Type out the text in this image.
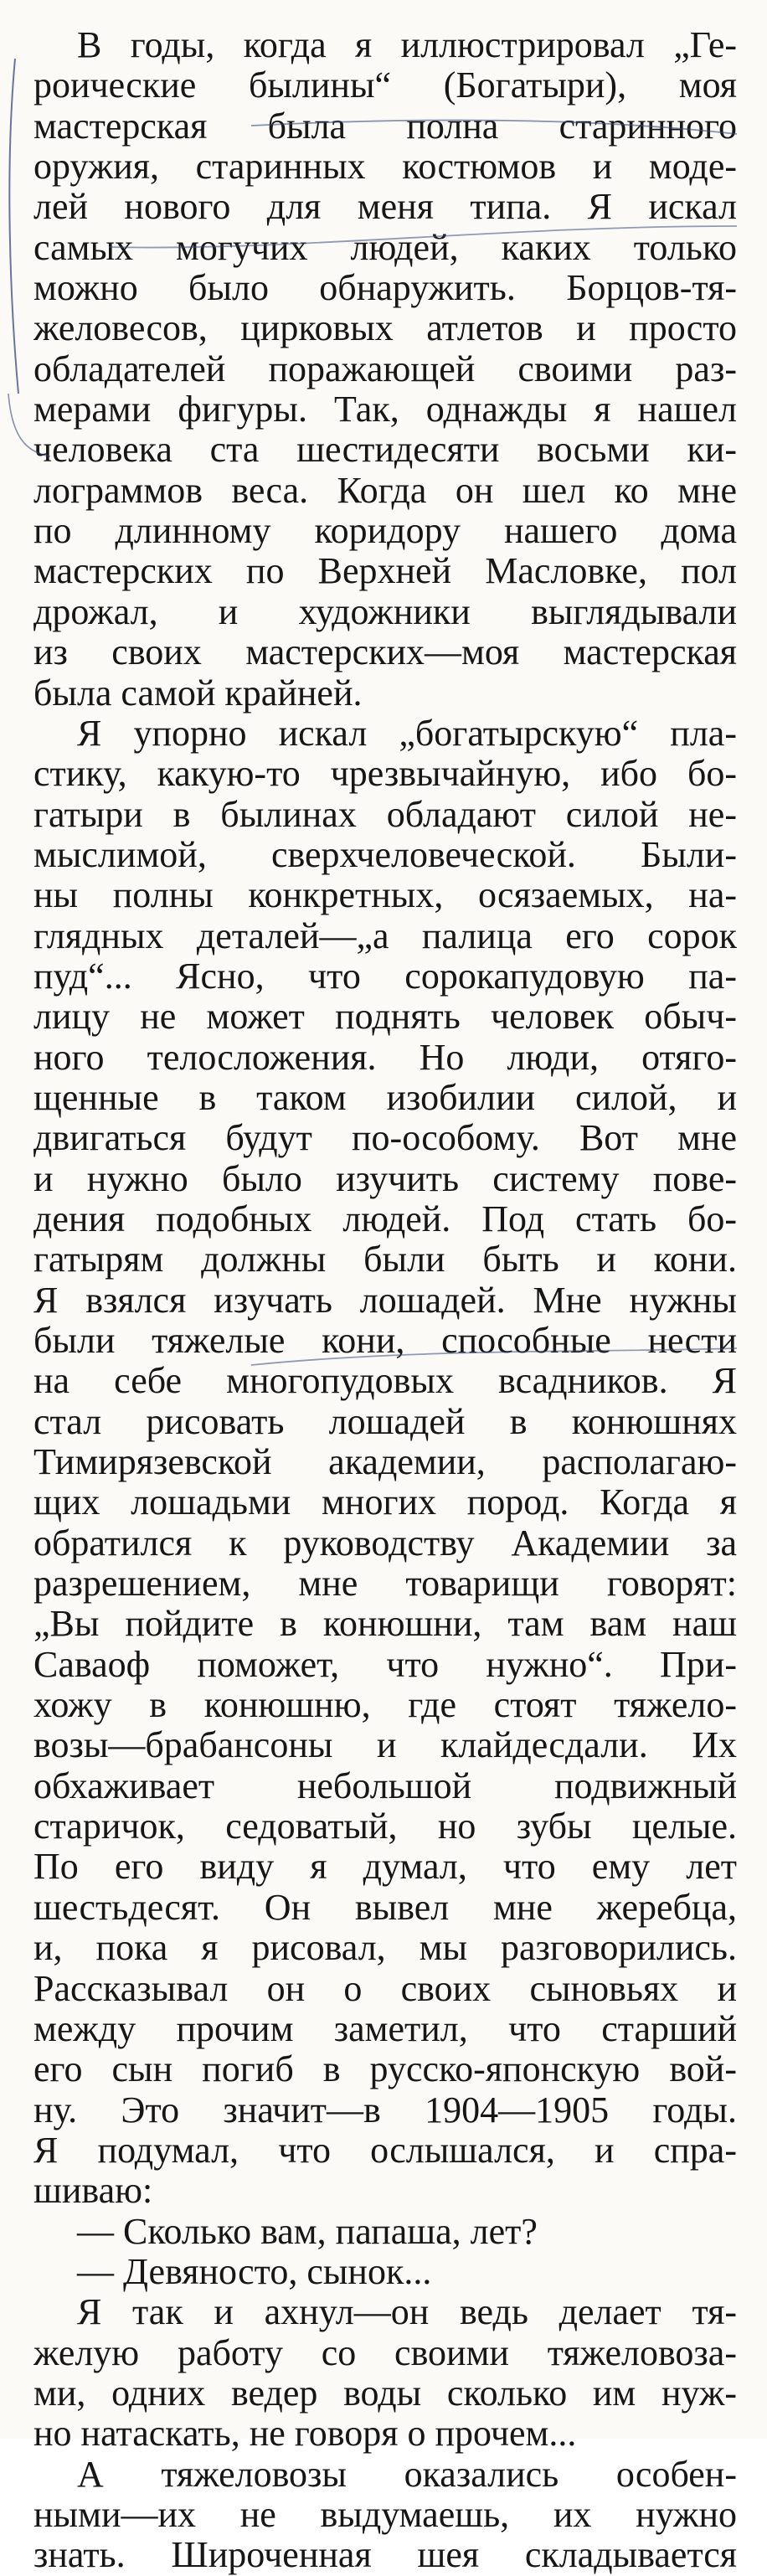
В годы, когда я иллюстрировал „Ге-
роические былины“ (Богатыри), моя
мастерская была полна старинного
оружия, старинных костюмов и моде-
лей нового для меня типа. Я искал
самых могучих людей, каких только
можно было обнаружить. Борцов-тя-
желовесов, цирковых атлетов и просто
обладателей поражающей своими раз-
мерами фигуры. Так, однажды я нашел
человека ста шестидесяти восьми ки-
лограммов веса. Когда он шел ко мне
по длинному коридору нашего дома
мастерских по Верхней Масловке, пол
дрожал, и художники выглядывали
из своих мастерских—моя мастерская
была самой крайней.
Я упорно искал „богатырскую“ пла-
стику, какую-то чрезвычайную, ибо бо-
гатыри в былинах обладают силой не-
мыслимой, сверхчеловеческой. Были-
ны полны конкретных, осязаемых, на-
глядных деталей—„а палица его сорок
пуд“... Ясно, что сорокапудовую па-
лицу не может поднять человек обыч-
ного телосложения. Но люди, отяго-
щенные в таком изобилии силой, и
двигаться будут по-особому. Вот мне
и нужно было изучить систему пове-
дения подобных людей. Под стать бо-
гатырям должны были быть и кони.
Я взялся изучать лошадей. Мне нужны
были тяжелые кони, способные нести
на себе многопудовых всадников. Я
стал рисовать лошадей в конюшнях
Тимирязевской академии, располагаю-
щих лошадьми многих пород. Когда я
обратился к руководству Академии за
разрешением, мне товарищи говорят:
„Вы пойдите в конюшни, там вам наш
Саваоф поможет, что нужно“. При-
хожу в конюшню, где стоят тяжело-
возы—брабансоны и клайдесдали. Их
обхаживает небольшой подвижный
старичок, седоватый, но зубы целые.
По его виду я думал, что ему лет
шестьдесят. Он вывел мне жеребца,
и, пока я рисовал, мы разговорились.
Рассказывал он о своих сыновьях и
между прочим заметил, что старший
его сын погиб в русско-японскую вой-
ну. Это значит—в 1904—1905 годы.
Я подумал, что ослышался, и спра-
шиваю:
— Сколько вам, папаша, лет?
— Девяносто, сынок...
Я так и ахнул—он ведь делает тя-
желую работу со своими тяжеловоза-
ми, одних ведер воды сколько им нуж-
но натаскать, не говоря о прочем...
А тяжеловозы оказались особен-
ными—их не выдумаешь, их нужно
знать. Широченная шея складывается
